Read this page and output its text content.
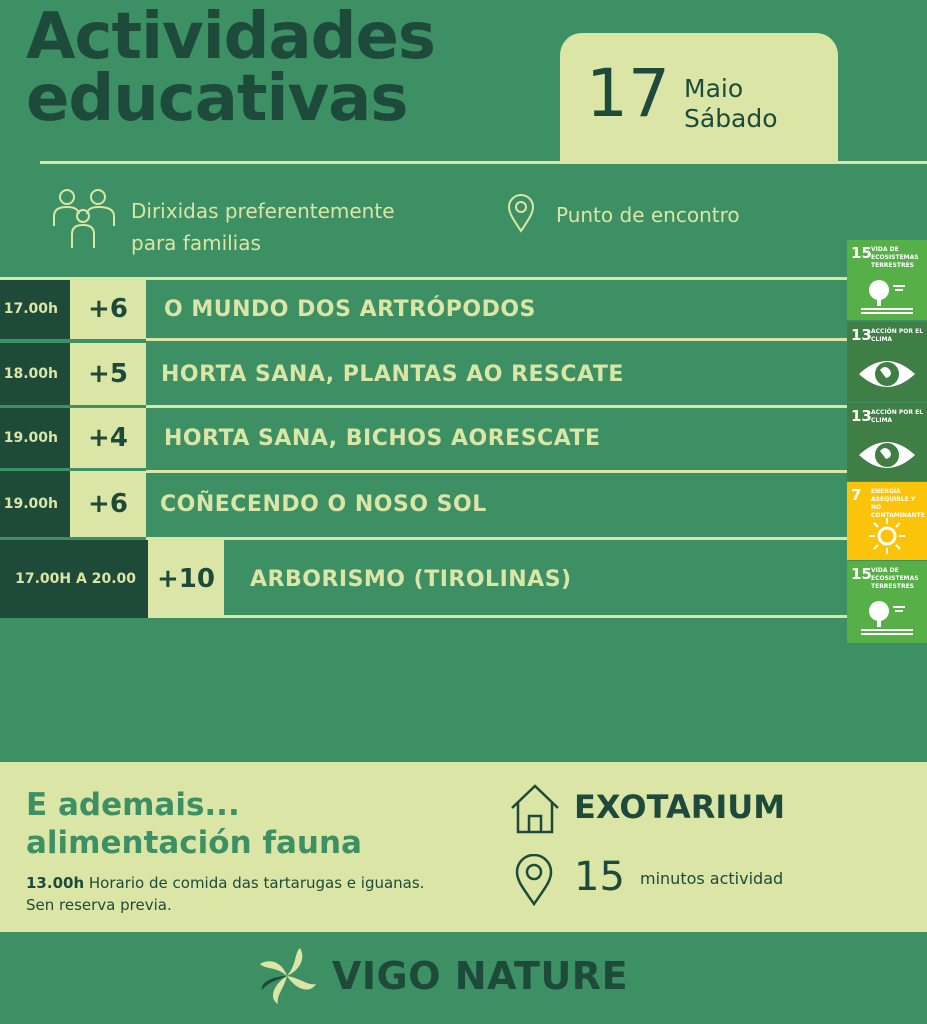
Actividades
educativas	17 Maio
Sábado
Dirixidas preferentemente para familias
Punto de encontro
17.00h	+6	O MUNDO DOS ARTRÓPODOS
18.00h	+5	HORTA SANA, PLANTAS AO RESCATE
19.00h	+4	HORTA SANA, BICHOS AORESCATE
19.00h	+6	COÑECENDO O NOSO SOL
17.00H A 20.00 +10	ARBORISMO (TIROLINAS)
15 VIDA DE ECOSISTEMAS TERRESTRES
13 ACCIÓN POR EL CLIMA
13 ACCIÓN POR EL CLIMA
7 ENERGÍA ASEQUIBLE Y NO CONTAMINANTE
15 VIDA DE ECOSISTEMAS TERRESTRES
E ademais...
alimentación fauna
13.00h Horario de comida das tartarugas e iguanas. Sen reserva previa.
EXOTARIUM
15 minutos actividad
VIGO NATURE
